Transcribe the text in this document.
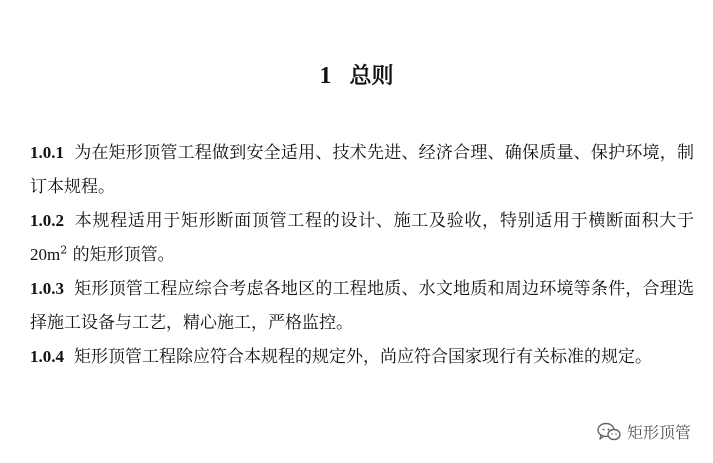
1 总则
1.0.1 为在矩形顶管工程做到安全适用、技术先进、经济合理、确保质量、保护环境，制订本规程。
1.0.2 本规程适用于矩形断面顶管工程的设计、施工及验收，特别适用于横断面积大于 $20m^2$ 的矩形顶管。
1.0.3 矩形顶管工程应综合考虑各地区的工程地质、水文地质和周边环境等条件，合理选择施工设备与工艺，精心施工，严格监控。
1.0.4 矩形顶管工程除应符合本规程的规定外，尚应符合国家现行有关标准的规定。
矩形顶管
